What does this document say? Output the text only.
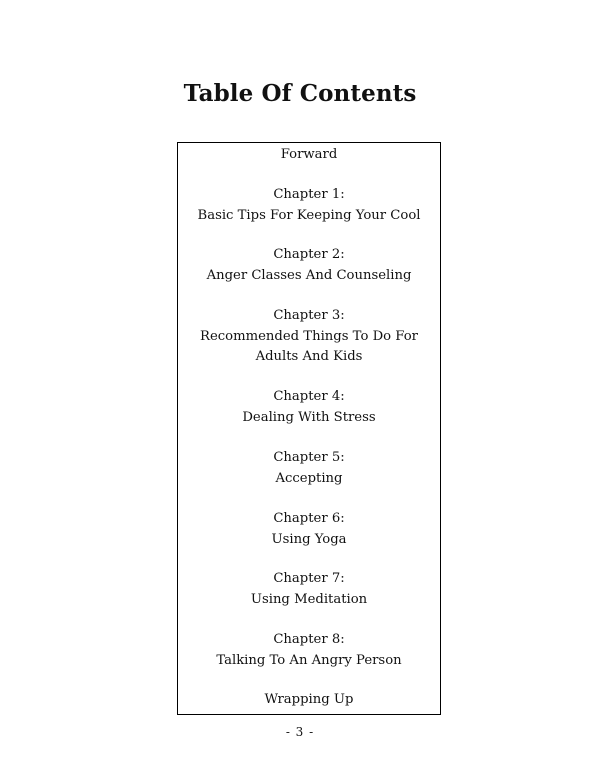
Table Of Contents
Forward
Chapter 1:
Basic Tips For Keeping Your Cool
Chapter 2:
Anger Classes And Counseling
Chapter 3:
Recommended Things To Do For Adults And Kids
Chapter 4:
Dealing With Stress
Chapter 5:
Accepting
Chapter 6:
Using Yoga
Chapter 7:
Using Meditation
Chapter 8:
Talking To An Angry Person
Wrapping Up
- 3 -
